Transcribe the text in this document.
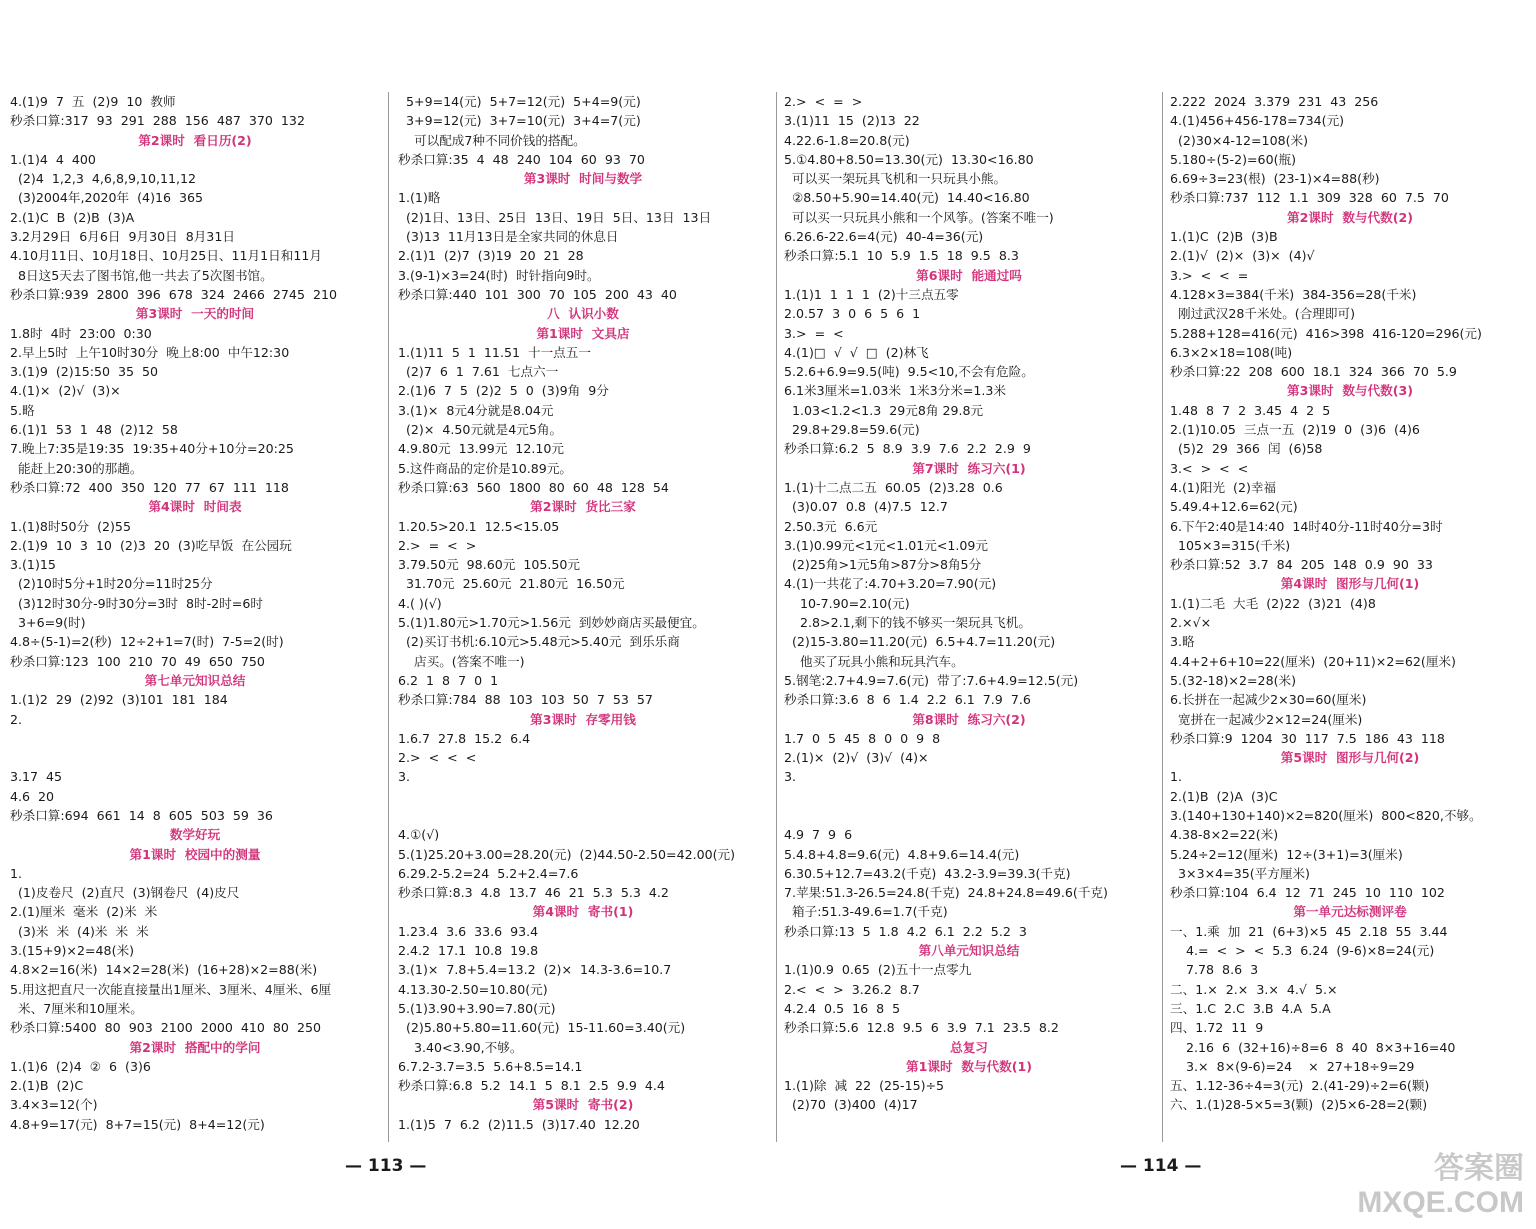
4.(1)9  7  五  (2)9  10  教师
秒杀口算:317  93  291  288  156  487  370  132
第2课时  看日历(2)
1.(1)4  4  400
(2)4  1,2,3  4,6,8,9,10,11,12
(3)2004年,2020年  (4)16  365
2.(1)C  B  (2)B  (3)A
3.2月29日  6月6日  9月30日  8月31日
4.10月11日、10月18日、10月25日、11月1日和11月
8日这5天去了图书馆,他一共去了5次图书馆。
秒杀口算:939  2800  396  678  324  2466  2745  210
第3课时  一天的时间
1.8时  4时  23:00  0:30
2.早上5时  上午10时30分  晚上8:00  中午12:30
3.(1)9  (2)15:50  35  50
4.(1)×  (2)√  (3)×
5.略
6.(1)1  53  1  48  (2)12  58
7.晚上7:35是19:35  19:35+40分+10分=20:25
能赶上20:30的那趟。
秒杀口算:72  400  350  120  77  67  111  118
第4课时  时间表
1.(1)8时50分  (2)55
2.(1)9  10  3  10  (2)3  20  (3)吃早饭  在公园玩
3.(1)15
(2)10时5分+1时20分=11时25分
(3)12时30分-9时30分=3时  8时-2时=6时
3+6=9(时)
4.8÷(5-1)=2(秒)  12÷2+1=7(时)  7-5=2(时)
秒杀口算:123  100  210  70  49  650  750
第七单元知识总结
1.(1)2  29  (2)92  (3)101  181  184
2.
3.17  45
4.6  20
秒杀口算:694  661  14  8  605  503  59  36
数学好玩
第1课时  校园中的测量
1.
(1)皮卷尺  (2)直尺  (3)钢卷尺  (4)皮尺
2.(1)厘米  毫米  (2)米  米
(3)米  米  (4)米  米  米
3.(15+9)×2=48(米)
4.8×2=16(米)  14×2=28(米)  (16+28)×2=88(米)
5.用这把直尺一次能直接量出1厘米、3厘米、4厘米、6厘
米、7厘米和10厘米。
秒杀口算:5400  80  903  2100  2000  410  80  250
第2课时  搭配中的学问
1.(1)6  (2)4  ②  6  (3)6
2.(1)B  (2)C
3.4×3=12(个)
4.8+9=17(元)  8+7=15(元)  8+4=12(元)
5+9=14(元)  5+7=12(元)  5+4=9(元)
3+9=12(元)  3+7=10(元)  3+4=7(元)
可以配成7种不同价钱的搭配。
秒杀口算:35  4  48  240  104  60  93  70
第3课时  时间与数学
1.(1)略
(2)1日、13日、25日  13日、19日  5日、13日  13日
(3)13  11月13日是全家共同的休息日
2.(1)1  (2)7  (3)19  20  21  28
3.(9-1)×3=24(时)  时针指向9时。
秒杀口算:440  101  300  70  105  200  43  40
八  认识小数
第1课时  文具店
1.(1)11  5  1  11.51  十一点五一
(2)7  6  1  7.61  七点六一
2.(1)6  7  5  (2)2  5  0  (3)9角  9分
3.(1)×  8元4分就是8.04元
(2)×  4.50元就是4元5角。
4.9.80元  13.99元  12.10元
5.这件商品的定价是10.89元。
秒杀口算:63  560  1800  80  60  48  128  54
第2课时  货比三家
1.20.5>20.1  12.5<15.05
2.>  =  <  >
3.79.50元  98.60元  105.50元
31.70元  25.60元  21.80元  16.50元
4.( )(√)
5.(1)1.80元>1.70元>1.56元  到妙妙商店买最便宜。
(2)买订书机:6.10元>5.48元>5.40元  到乐乐商
店买。(答案不唯一)
6.2  1  8  7  0  1
秒杀口算:784  88  103  103  50  7  53  57
第3课时  存零用钱
1.6.7  27.8  15.2  6.4
2.>  <  <  <
3.
4.①(√)
5.(1)25.20+3.00=28.20(元)  (2)44.50-2.50=42.00(元)
6.29.2-5.2=24  5.2+2.4=7.6
秒杀口算:8.3  4.8  13.7  46  21  5.3  5.3  4.2
第4课时  寄书(1)
1.23.4  3.6  33.6  93.4
2.4.2  17.1  10.8  19.8
3.(1)×  7.8+5.4=13.2  (2)×  14.3-3.6=10.7
4.13.30-2.50=10.80(元)
5.(1)3.90+3.90=7.80(元)
(2)5.80+5.80=11.60(元)  15-11.60=3.40(元)
3.40<3.90,不够。
6.7.2-3.7=3.5  5.6+8.5=14.1
秒杀口算:6.8  5.2  14.1  5  8.1  2.5  9.9  4.4
第5课时  寄书(2)
1.(1)5  7  6.2  (2)11.5  (3)17.40  12.20
2.>  <  =  >
3.(1)11  15  (2)13  22
4.22.6-1.8=20.8(元)
5.①4.80+8.50=13.30(元)  13.30<16.80
可以买一架玩具飞机和一只玩具小熊。
②8.50+5.90=14.40(元)  14.40<16.80
可以买一只玩具小熊和一个风筝。(答案不唯一)
6.26.6-22.6=4(元)  40-4=36(元)
秒杀口算:5.1  10  5.9  1.5  18  9.5  8.3
第6课时  能通过吗
1.(1)1  1  1  1  (2)十三点五零
2.0.57  3  0  6  5  6  1
3.>  =  <
4.(1)□  √  √  □  (2)林飞
5.2.6+6.9=9.5(吨)  9.5<10,不会有危险。
6.1米3厘米=1.03米  1米3分米=1.3米
1.03<1.2<1.3  29元8角 29.8元
29.8+29.8=59.6(元)
秒杀口算:6.2  5  8.9  3.9  7.6  2.2  2.9  9
第7课时  练习六(1)
1.(1)十二点二五  60.05  (2)3.28  0.6
(3)0.07  0.8  (4)7.5  12.7
2.50.3元  6.6元
3.(1)0.99元<1元<1.01元<1.09元
(2)25角>1元5角>87分>8角5分
4.(1)一共花了:4.70+3.20=7.90(元)
10-7.90=2.10(元)
2.8>2.1,剩下的钱不够买一架玩具飞机。
(2)15-3.80=11.20(元)  6.5+4.7=11.20(元)
他买了玩具小熊和玩具汽车。
5.钢笔:2.7+4.9=7.6(元)  带了:7.6+4.9=12.5(元)
秒杀口算:3.6  8  6  1.4  2.2  6.1  7.9  7.6
第8课时  练习六(2)
1.7  0  5  45  8  0  0  9  8
2.(1)×  (2)√  (3)√  (4)×
3.
4.9  7  9  6
5.4.8+4.8=9.6(元)  4.8+9.6=14.4(元)
6.30.5+12.7=43.2(千克)  43.2-3.9=39.3(千克)
7.苹果:51.3-26.5=24.8(千克)  24.8+24.8=49.6(千克)
箱子:51.3-49.6=1.7(千克)
秒杀口算:13  5  1.8  4.2  6.1  2.2  5.2  3
第八单元知识总结
1.(1)0.9  0.65  (2)五十一点零九
2.<  <  >  3.26.2  8.7
4.2.4  0.5  16  8  5
秒杀口算:5.6  12.8  9.5  6  3.9  7.1  23.5  8.2
总复习
第1课时  数与代数(1)
1.(1)除  减  22  (25-15)÷5
(2)70  (3)400  (4)17
2.222  2024  3.379  231  43  256
4.(1)456+456-178=734(元)
(2)30×4-12=108(米)
5.180÷(5-2)=60(瓶)
6.69÷3=23(根)  (23-1)×4=88(秒)
秒杀口算:737  112  1.1  309  328  60  7.5  70
第2课时  数与代数(2)
1.(1)C  (2)B  (3)B
2.(1)√  (2)×  (3)×  (4)√
3.>  <  <  =
4.128×3=384(千米)  384-356=28(千米)
刚过武汉28千米处。(合理即可)
5.288+128=416(元)  416>398  416-120=296(元)
6.3×2×18=108(吨)
秒杀口算:22  208  600  18.1  324  366  70  5.9
第3课时  数与代数(3)
1.48  8  7  2  3.45  4  2  5
2.(1)10.05  三点一五  (2)19  0  (3)6  (4)6
(5)2  29  366  闰  (6)58
3.<  >  <  <
4.(1)阳光  (2)幸福
5.49.4+12.6=62(元)
6.下午2:40是14:40  14时40分-11时40分=3时
105×3=315(千米)
秒杀口算:52  3.7  84  205  148  0.9  90  33
第4课时  图形与几何(1)
1.(1)二毛  大毛  (2)22  (3)21  (4)8
2.×√×
3.略
4.4+2+6+10=22(厘米)  (20+11)×2=62(厘米)
5.(32-18)×2=28(米)
6.长拼在一起减少2×30=60(厘米)
宽拼在一起减少2×12=24(厘米)
秒杀口算:9  1204  30  117  7.5  186  43  118
第5课时  图形与几何(2)
1.
2.(1)B  (2)A  (3)C
3.(140+130+140)×2=820(厘米)  800<820,不够。
4.38-8×2=22(米)
5.24÷2=12(厘米)  12÷(3+1)=3(厘米)
3×3×4=35(平方厘米)
秒杀口算:104  6.4  12  71  245  10  110  102
第一单元达标测评卷
一、1.乘  加  21  (6+3)×5  45  2.18  55  3.44
4.=  <  >  <  5.3  6.24  (9-6)×8=24(元)
7.78  8.6  3
二、1.×  2.×  3.×  4.√  5.×
三、1.C  2.C  3.B  4.A  5.A
四、1.72  11  9
2.16  6  (32+16)÷8=6  8  40  8×3+16=40
3.×  8×(9-6)=24    ×  27+18÷9=29
五、1.12-36÷4=3(元)  2.(41-29)÷2=6(颗)
六、1.(1)28-5×5=3(颗)  (2)5×6-28=2(颗)
— 113 —	— 114 —	答案圈
MXQE.COM
